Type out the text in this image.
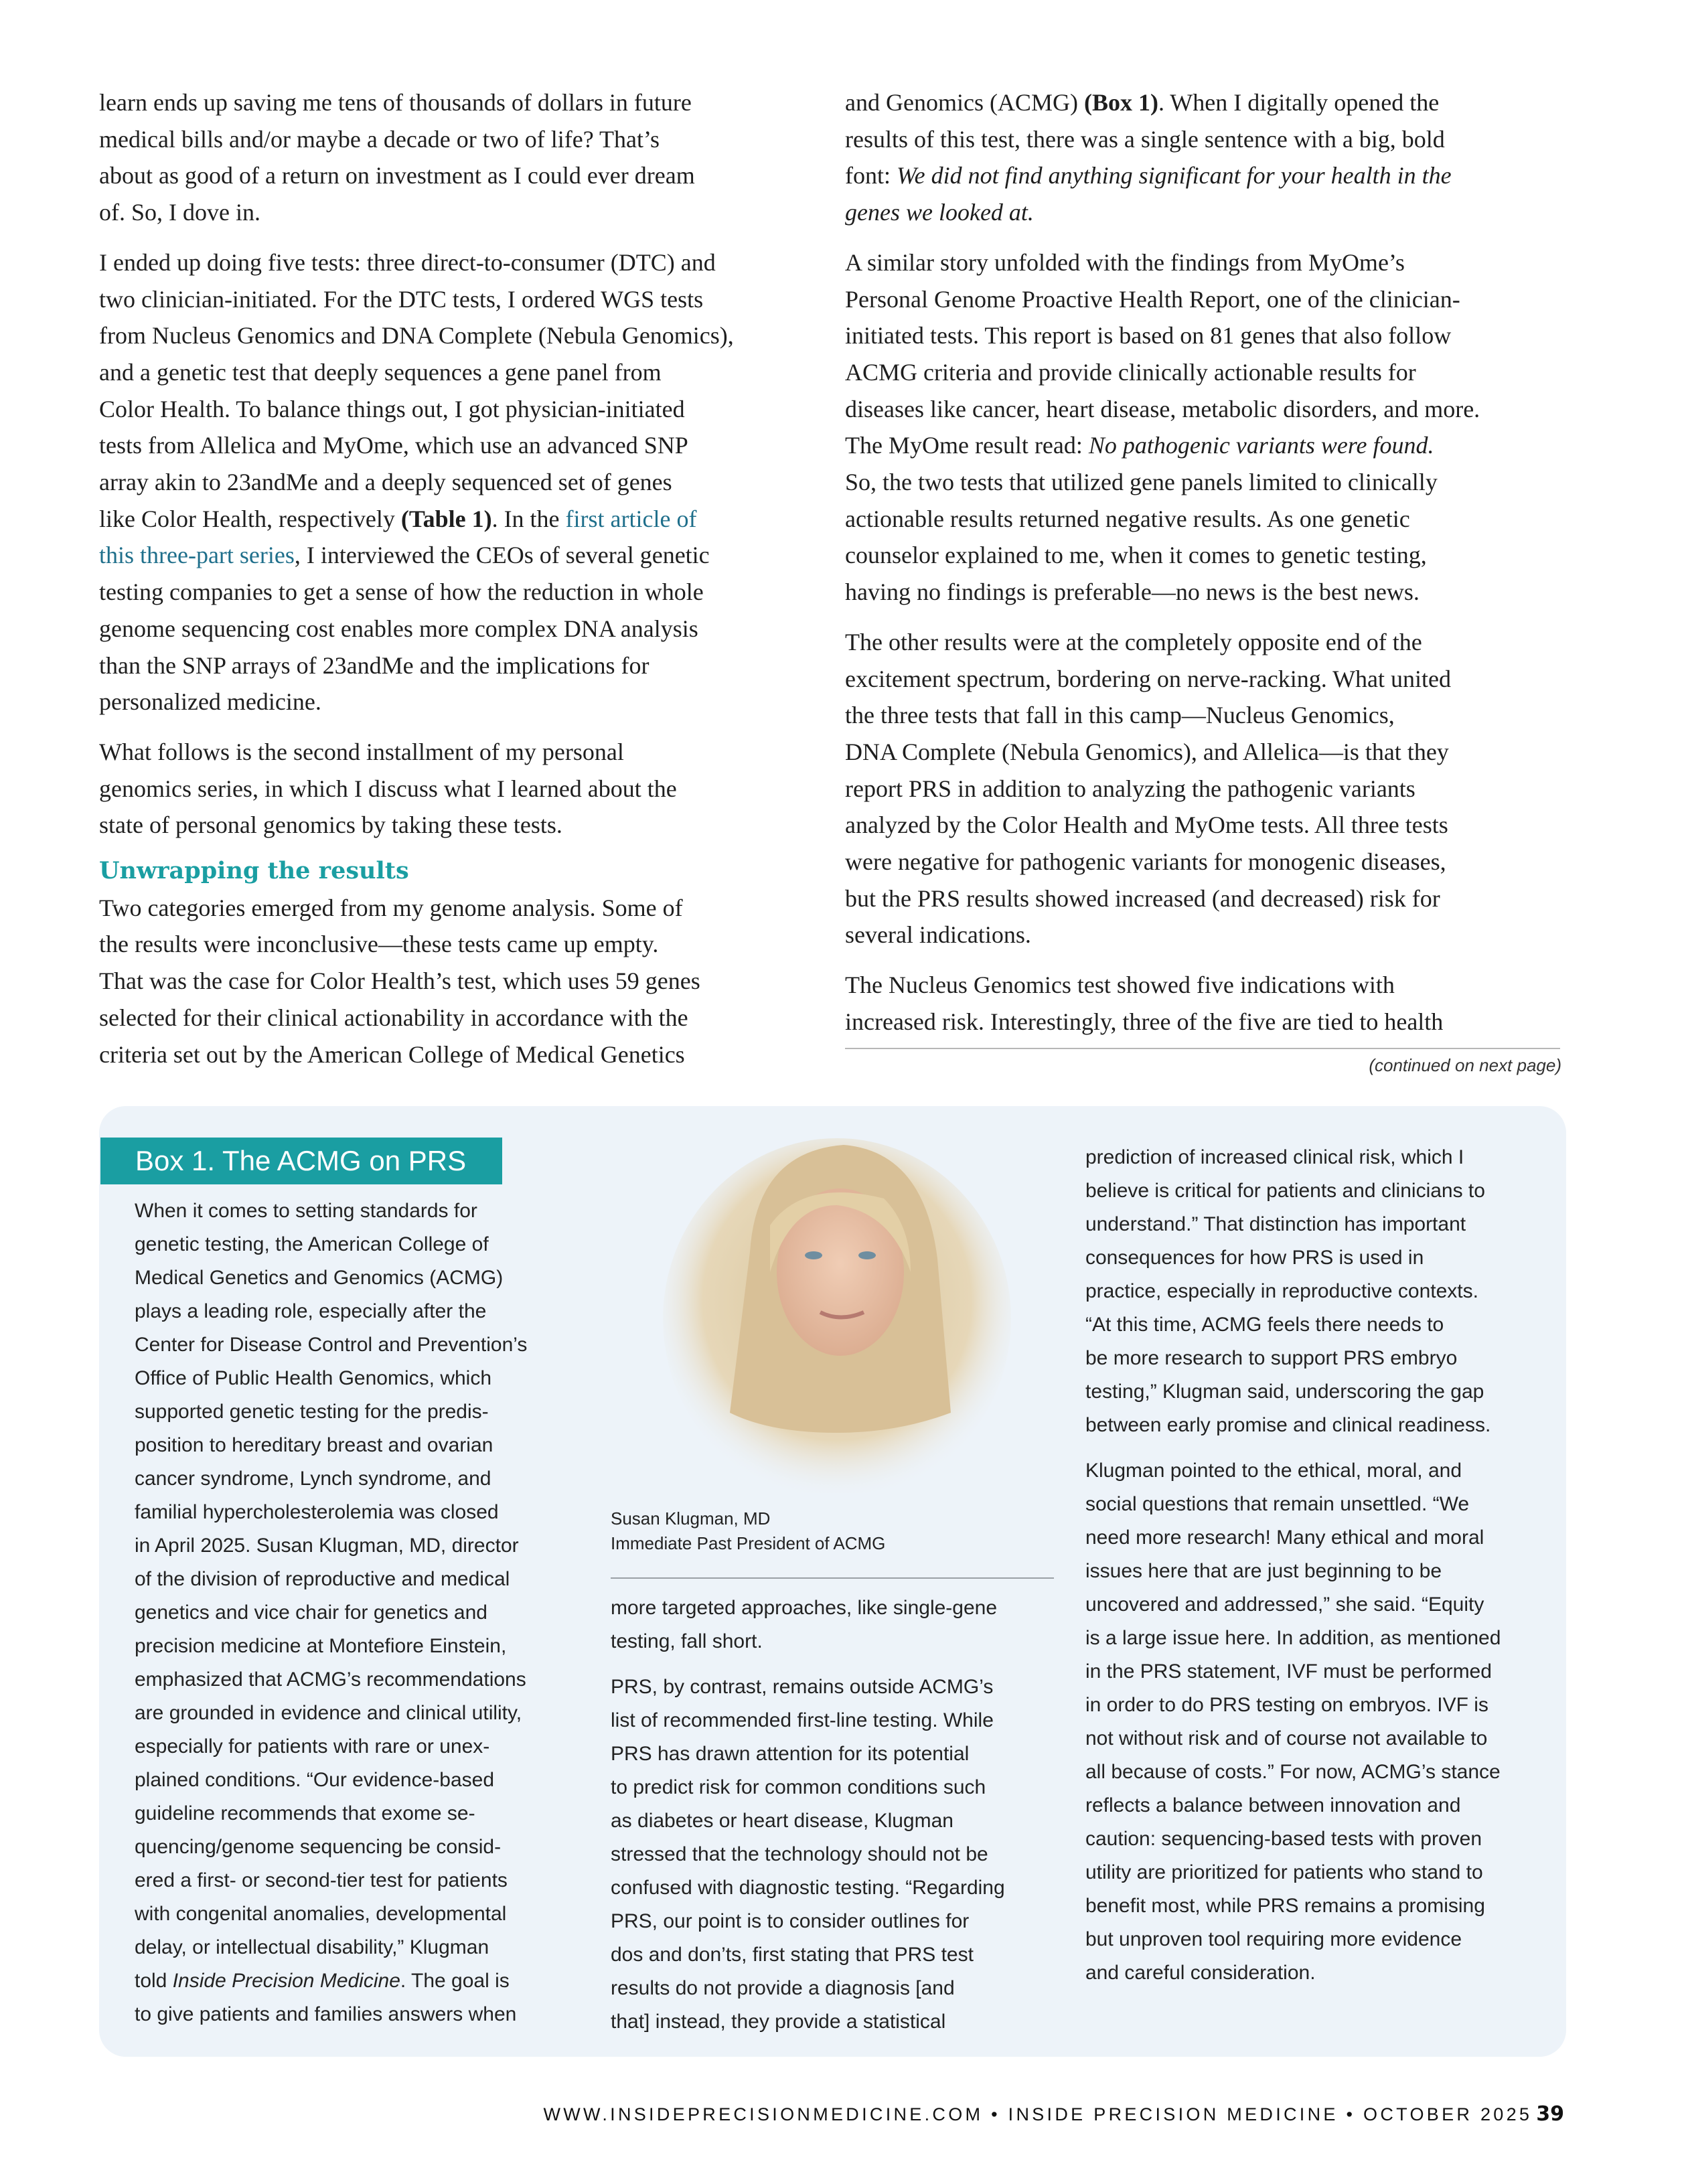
learn ends up saving me tens of thousands of dollars in future
medical bills and/or maybe a decade or two of life? That’s
about as good of a return on investment as I could ever dream
of. So, I dove in.
I ended up doing five tests: three direct-to-consumer (DTC) and
two clinician-initiated. For the DTC tests, I ordered WGS tests
from Nucleus Genomics and DNA Complete (Nebula Genomics),
and a genetic test that deeply sequences a gene panel from
Color Health. To balance things out, I got physician-initiated
tests from Allelica and MyOme, which use an advanced SNP
array akin to 23andMe and a deeply sequenced set of genes
like Color Health, respectively (Table 1). In the first article of
this three-part series, I interviewed the CEOs of several genetic
testing companies to get a sense of how the reduction in whole
genome sequencing cost enables more complex DNA analysis
than the SNP arrays of 23andMe and the implications for
personalized medicine.
What follows is the second installment of my personal
genomics series, in which I discuss what I learned about the
state of personal genomics by taking these tests.
Unwrapping the results
Two categories emerged from my genome analysis. Some of
the results were inconclusive—these tests came up empty.
That was the case for Color Health’s test, which uses 59 genes
selected for their clinical actionability in accordance with the
criteria set out by the American College of Medical Genetics
and Genomics (ACMG) (Box 1). When I digitally opened the
results of this test, there was a single sentence with a big, bold
font: We did not find anything significant for your health in the
genes we looked at.
A similar story unfolded with the findings from MyOme’s
Personal Genome Proactive Health Report, one of the clinician-
initiated tests. This report is based on 81 genes that also follow
ACMG criteria and provide clinically actionable results for
diseases like cancer, heart disease, metabolic disorders, and more.
The MyOme result read: No pathogenic variants were found.
So, the two tests that utilized gene panels limited to clinically
actionable results returned negative results. As one genetic
counselor explained to me, when it comes to genetic testing,
having no findings is preferable—no news is the best news.
The other results were at the completely opposite end of the
excitement spectrum, bordering on nerve-racking. What united
the three tests that fall in this camp—Nucleus Genomics,
DNA Complete (Nebula Genomics), and Allelica—is that they
report PRS in addition to analyzing the pathogenic variants
analyzed by the Color Health and MyOme tests. All three tests
were negative for pathogenic variants for monogenic diseases,
but the PRS results showed increased (and decreased) risk for
several indications.
The Nucleus Genomics test showed five indications with
increased risk. Interestingly, three of the five are tied to health
(continued on next page)
Box 1. The ACMG on PRS
When it comes to setting standards for
genetic testing, the American College of
Medical Genetics and Genomics (ACMG)
plays a leading role, especially after the
Center for Disease Control and Prevention’s
Office of Public Health Genomics, which
supported genetic testing for the predis-
position to hereditary breast and ovarian
cancer syndrome, Lynch syndrome, and
familial hypercholesterolemia was closed
in April 2025. Susan Klugman, MD, director
of the division of reproductive and medical
genetics and vice chair for genetics and
precision medicine at Montefiore Einstein,
emphasized that ACMG’s recommendations
are grounded in evidence and clinical utility,
especially for patients with rare or unex-
plained conditions. “Our evidence-based
guideline recommends that exome se-
quencing/genome sequencing be consid-
ered a first- or second-tier test for patients
with congenital anomalies, developmental
delay, or intellectual disability,” Klugman
told Inside Precision Medicine. The goal is
to give patients and families answers when
Susan Klugman, MD
Immediate Past President of ACMG
more targeted approaches, like single-gene
testing, fall short.
PRS, by contrast, remains outside ACMG’s
list of recommended first-line testing. While
PRS has drawn attention for its potential
to predict risk for common conditions such
as diabetes or heart disease, Klugman
stressed that the technology should not be
confused with diagnostic testing. “Regarding
PRS, our point is to consider outlines for
dos and don’ts, first stating that PRS test
results do not provide a diagnosis [and
that] instead, they provide a statistical
prediction of increased clinical risk, which I
believe is critical for patients and clinicians to
understand.” That distinction has important
consequences for how PRS is used in
practice, especially in reproductive contexts.
“At this time, ACMG feels there needs to
be more research to support PRS embryo
testing,” Klugman said, underscoring the gap
between early promise and clinical readiness.
Klugman pointed to the ethical, moral, and
social questions that remain unsettled. “We
need more research! Many ethical and moral
issues here that are just beginning to be
uncovered and addressed,” she said. “Equity
is a large issue here. In addition, as mentioned
in the PRS statement, IVF must be performed
in order to do PRS testing on embryos. IVF is
not without risk and of course not available to
all because of costs.” For now, ACMG’s stance
reflects a balance between innovation and
caution: sequencing-based tests with proven
utility are prioritized for patients who stand to
benefit most, while PRS remains a promising
but unproven tool requiring more evidence
and careful consideration.
WWW.INSIDEPRECISIONMEDICINE.COM • INSIDE PRECISION MEDICINE • OCTOBER 2025 39
